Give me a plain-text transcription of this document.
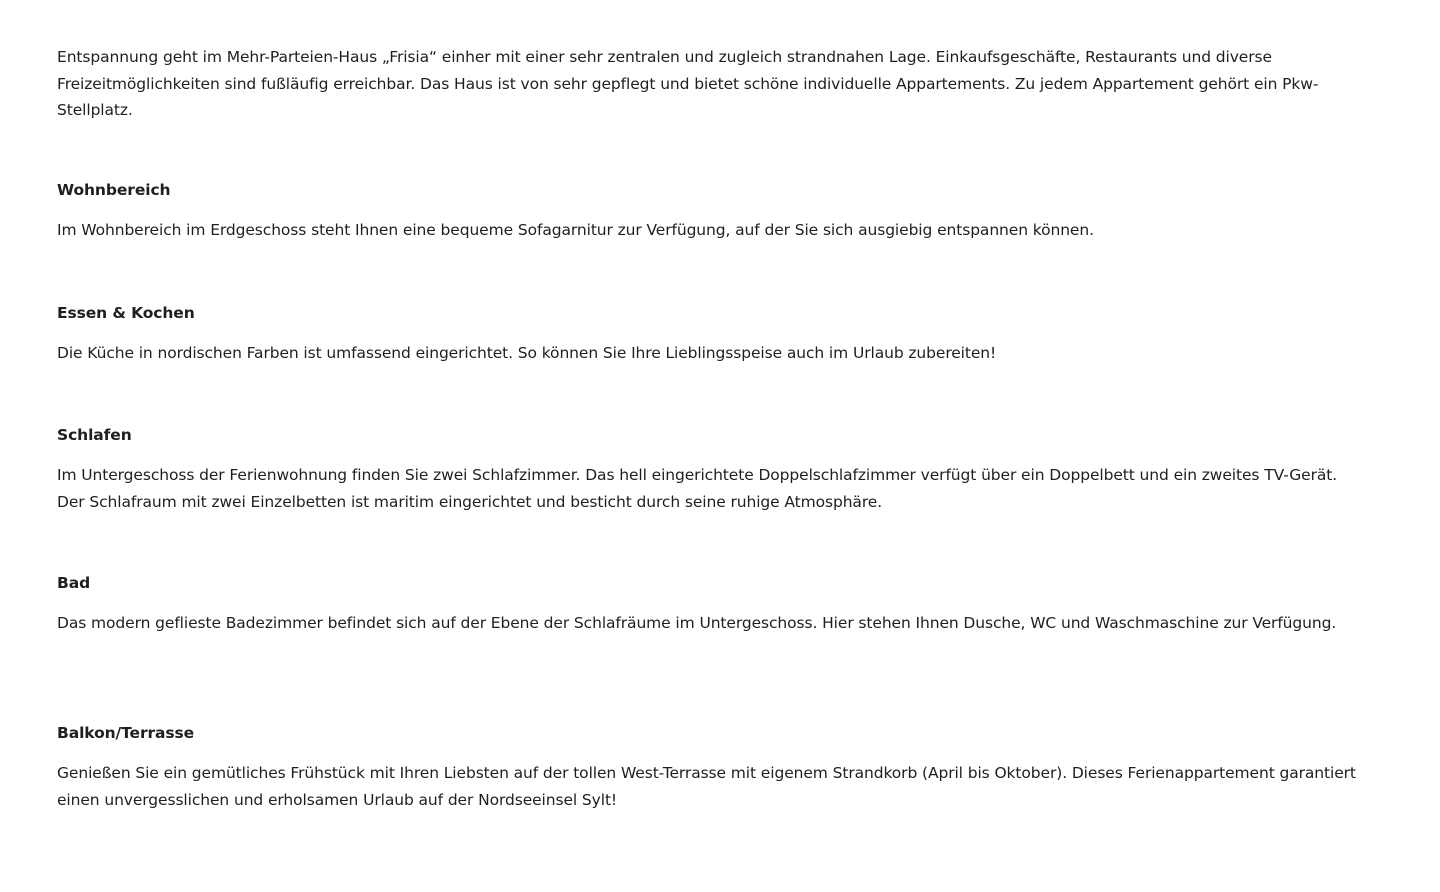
Entspannung geht im Mehr-Parteien-Haus „Frisia“ einher mit einer sehr zentralen und zugleich strandnahen Lage. Einkaufsgeschäfte, Restaurants und diverse Freizeitmöglichkeiten sind fußläufig erreichbar. Das Haus ist von sehr gepflegt und bietet schöne individuelle Appartements. Zu jedem Appartement gehört ein Pkw-Stellplatz.

Wohnbereich

Im Wohnbereich im Erdgeschoss steht Ihnen eine bequeme Sofagarnitur zur Verfügung, auf der Sie sich ausgiebig entspannen können.

Essen & Kochen

Die Küche in nordischen Farben ist umfassend eingerichtet. So können Sie Ihre Lieblingsspeise auch im Urlaub zubereiten!

Schlafen

Im Untergeschoss der Ferienwohnung finden Sie zwei Schlafzimmer. Das hell eingerichtete Doppelschlafzimmer verfügt über ein Doppelbett und ein zweites TV-Gerät. Der Schlafraum mit zwei Einzelbetten ist maritim eingerichtet und besticht durch seine ruhige Atmosphäre.

Bad

Das modern geflieste Badezimmer befindet sich auf der Ebene der Schlafräume im Untergeschoss. Hier stehen Ihnen Dusche, WC und Waschmaschine zur Verfügung.

Balkon/Terrasse

Genießen Sie ein gemütliches Frühstück mit Ihren Liebsten auf der tollen West-Terrasse mit eigenem Strandkorb (April bis Oktober). Dieses Ferienappartement garantiert einen unvergesslichen und erholsamen Urlaub auf der Nordseeinsel Sylt!
